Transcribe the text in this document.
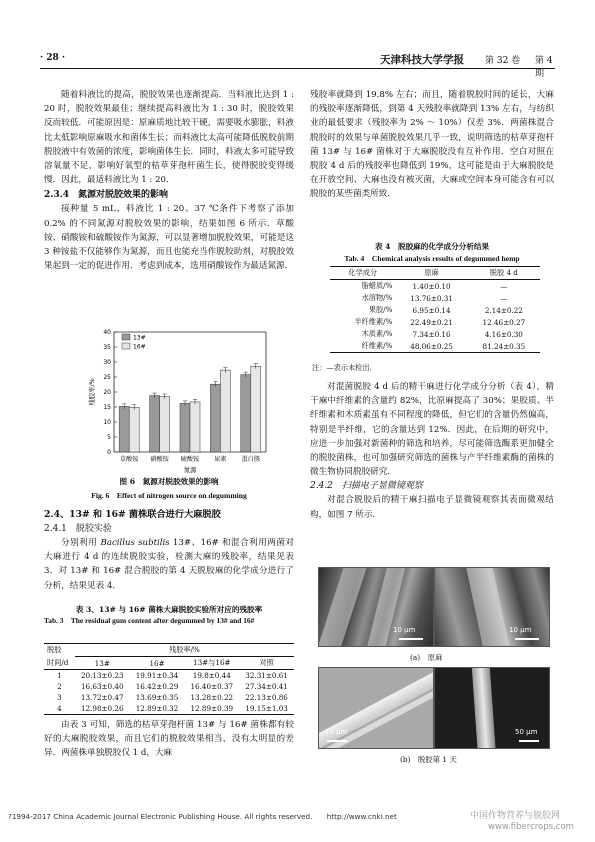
· 28 ·	天津科技大学学报 第 32 卷 第 4 期

随着料液比的提高，脱胶效果也逐渐提高．当料液比达到 1 : 20 时，脱胶效果最佳；继续提高料液比为 1 : 30 时，脱胶效果反而较低．可能原因是：原麻质地比较干硬，需要吸水膨胀，料液比太低影响原麻吸水和菌体生长；而料液比太高可能降低脱胶前期脱胶液中有效菌的浓度，影响菌体生长．同时，料液太多可能导致溶氧量不足，影响好氧型的枯草芽孢杆菌生长，使得脱胶变得缓慢．因此，最适料液比为 1 : 20．

2.3.4　氮源对脱胶效果的影响

接种量 5 mL、料液比 1 : 20、37 ℃条件下考察了添加 0.2% 的不同氮源对脱胶效果的影响，结果如图 6 所示．草酸铵、硝酸铵和硫酸铵作为氮源，可以显著增加脱胶效果，可能是这 3 种铵盐不仅能够作为氮源，而且也能充当作脱胶助剂，对脱胶效果起到一定的促进作用．考虑到成本，选用硝酸铵作为最适氮源．

0
5
10
15
20
25
30
35
40
残胶率/%
草酸铵 硝酸铵 硫酸铵 尿素 蛋白胨
氮源
13#
16#
图 6　氮源对脱胶效果的影响
Fig. 6　Effect of nitrogen source on degumming
2.4、13# 和 16# 菌株联合进行大麻脱胶
2.4.1　脱胶实验

分别利用 Bacillus subtilis 13#、16# 和混合利用两菌对大麻进行 4 d 的连续脱胶实验，检测大麻的残胶率，结果见表 3．对 13# 和 16# 混合脱胶的第 4 天脱胶麻的化学成分进行了分析，结果见表 4．

表 3、13# 与 16# 菌株大麻脱胶实验所对应的残胶率
Tab. 3　The residual gum content after degummed by 13# and 16#
脱胶	残胶率/%			
时间/d	13#	16#	13#与16#	对照
1	20.13±0.23	19.91±0.34	19.8±0.44	32.31±0.61
2	16.63±0.40	16.42±0.29	16.40±0.37	27.34±0.41
3	13.72±0.47	13.69±0.35	13.28±0.22	22.13±0.86
4	12.98±0.26	12.89±0.32	12.89±0.39	19.15±1.03

由表 3 可知，筛选的枯草芽孢杆菌 13# 与 16# 菌株都有较好的大麻脱胶效果，而且它们的脱胶效果相当，没有太明显的差异．两菌株单独脱胶仅 1 d，大麻

残胶率就降到 19.8% 左右；而且，随着脱胶时间的延长，大麻的残胶率逐渐降低，到第 4 天残胶率就降到 13% 左右，与纺织业的最低要求（残胶率为 2% ～ 10%）仅差 3%．两菌株混合脱胶时的效果与单菌脱胶效果几乎一致，说明筛选的枯草芽孢杆菌 13# 与 16# 菌株对于大麻脱胶没有互补作用．空白对照在脱胶 4 d 后的残胶率也降低到 19%，这可能是由于大麻脱胶是在开放空间、大麻也没有被灭菌，大麻或空间本身可能含有可以脱胶的某些菌类所致．

表 4　脱胶麻的化学成分分析结果
Tab. 4　Chemical analysis results of degummed hemp
化学成分	原麻	脱胶 4 d
脂蜡质/%	1.40±0.10	—
水溶物/%	13.76±0.31	—
果胶/%	6.95±0.14	2.14±0.22
半纤维素/%	22.49±0.21	12.46±0.27
木质素/%	7.34±0.16	4.16±0.30
纤维素/%	48.06±0.25	81.24±0.35
注：—表示未检出．

对混菌脱胶 4 d 后的精干麻进行化学成分分析（表 4），精干麻中纤维素的含量约 82%，比原麻提高了 30%；果胶质、半纤维素和木质素虽有不同程度的降低，但它们的含量仍然偏高，特别是半纤维，它的含量达到 12%．因此，在后期的研究中，应进一步加强对新菌种的筛选和培养，尽可能筛选酶系更加健全的脱胶菌株，也可加强研究筛选的菌株与产半纤维素酶的菌株的微生物协同脱胶研究．

2.4.2　扫描电子显微镜观察

对混合脱胶后的精干麻扫描电子显微镜观察其表面微观结构，如图 7 所示．

10 μm	10 μm
(a)　原麻
10 μm	50 μm
(b)　脱胶第 1 天
?1994-2017 China Academic Journal Electronic Publishing House. All rights reserved.　　http://www.cnki.net	中国作物营养与脱胶网
www.fibercrops.com
